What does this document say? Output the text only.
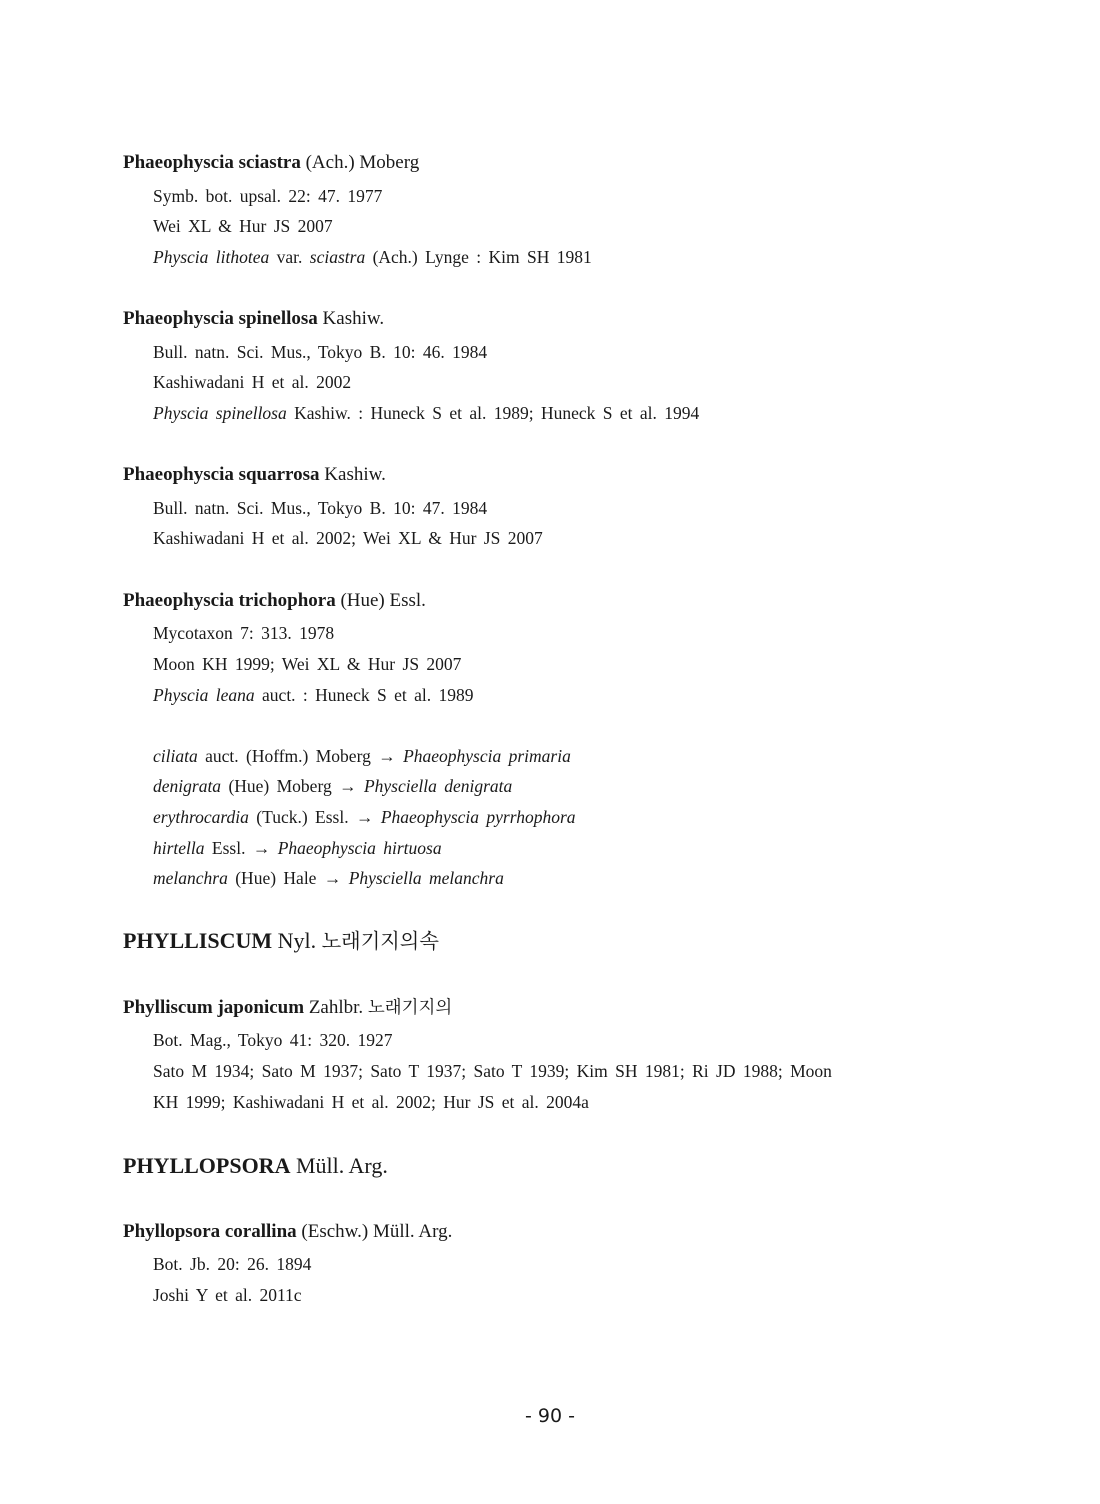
Phaeophyscia sciastra (Ach.) Moberg
Symb. bot. upsal. 22: 47. 1977
Wei XL & Hur JS 2007
Physcia lithotea var. sciastra (Ach.) Lynge : Kim SH 1981
Phaeophyscia spinellosa Kashiw.
Bull. natn. Sci. Mus., Tokyo B. 10: 46. 1984
Kashiwadani H et al. 2002
Physcia spinellosa Kashiw. : Huneck S et al. 1989; Huneck S et al. 1994
Phaeophyscia squarrosa Kashiw.
Bull. natn. Sci. Mus., Tokyo B. 10: 47. 1984
Kashiwadani H et al. 2002; Wei XL & Hur JS 2007
Phaeophyscia trichophora (Hue) Essl.
Mycotaxon 7: 313. 1978
Moon KH 1999; Wei XL & Hur JS 2007
Physcia leana auct. : Huneck S et al. 1989
ciliata auct. (Hoffm.) Moberg → Phaeophyscia primaria
denigrata (Hue) Moberg → Physciella denigrata
erythrocardia (Tuck.) Essl. → Phaeophyscia pyrrhophora
hirtella Essl. → Phaeophyscia hirtuosa
melanchra (Hue) Hale → Physciella melanchra
PHYLLISCUM Nyl. 노래기지의속
Phylliscum japonicum Zahlbr. 노래기지의
Bot. Mag., Tokyo 41: 320. 1927
Sato M 1934; Sato M 1937; Sato T 1937; Sato T 1939; Kim SH 1981; Ri JD 1988; Moon
KH 1999; Kashiwadani H et al. 2002; Hur JS et al. 2004a
PHYLLOPSORA Müll. Arg.
Phyllopsora corallina (Eschw.) Müll. Arg.
Bot. Jb. 20: 26. 1894
Joshi Y et al. 2011c
- 90 -
